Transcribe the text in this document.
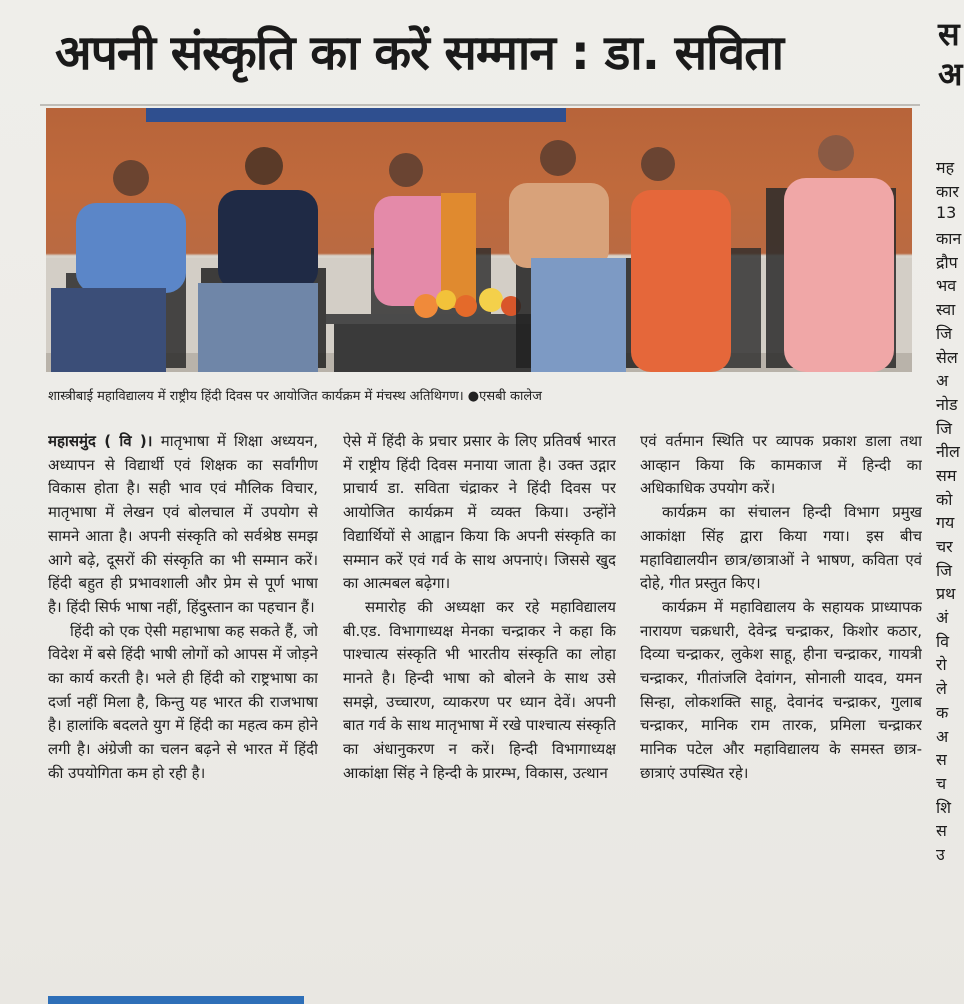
अपनी संस्कृति का करें सम्मान : डा. सविता
शास्त्रीबाई महाविद्यालय में राष्ट्रीय हिंदी दिवस पर आयोजित कार्यक्रम में मंचस्थ अतिथिगण। ●एसबी कालेज

महासमुंद ( वि )। मातृभाषा में शिक्षा अध्ययन, अध्यापन से विद्यार्थी एवं शिक्षक का सर्वांगीण विकास होता है। सही भाव एवं मौलिक विचार, मातृभाषा में लेखन एवं बोलचाल में उपयोग से सामने आता है। अपनी संस्कृति को सर्वश्रेष्ठ समझ आगे बढ़े, दूसरों की संस्कृति का भी सम्मान करें। हिंदी बहुत ही प्रभावशाली और प्रेम से पूर्ण भाषा है। हिंदी सिर्फ भाषा नहीं, हिंदुस्तान का पहचान हैं।

हिंदी को एक ऐसी महाभाषा कह सकते हैं, जो विदेश में बसे हिंदी भाषी लोगों को आपस में जोड़ने का कार्य करती है। भले ही हिंदी को राष्ट्रभाषा का दर्जा नहीं मिला है, किन्तु यह भारत की राजभाषा है। हालांकि बदलते युग में हिंदी का महत्व कम होने लगी है। अंग्रेजी का चलन बढ़ने से भारत में हिंदी की उपयोगिता कम हो रही है।

ऐसे में हिंदी के प्रचार प्रसार के लिए प्रतिवर्ष भारत में राष्ट्रीय हिंदी दिवस मनाया जाता है। उक्त उद्गार प्राचार्य डा. सविता चंद्राकर ने हिंदी दिवस पर आयोजित कार्यक्रम में व्यक्त किया। उन्होंने विद्यार्थियों से आह्वान किया कि अपनी संस्कृति का सम्मान करें एवं गर्व के साथ अपनाएं। जिससे खुद का आत्मबल बढ़ेगा।

समारोह की अध्यक्षा कर रहे महाविद्यालय बी.एड. विभागाध्यक्ष मेनका चन्द्राकर ने कहा कि पाश्चात्य संस्कृति भी भारतीय संस्कृति का लोहा मानते है। हिन्दी भाषा को बोलने के साथ उसे समझे, उच्चारण, व्याकरण पर ध्यान देवें। अपनी बात गर्व के साथ मातृभाषा में रखे पाश्चात्य संस्कृति का अंधानुकरण न करें। हिन्दी विभागाध्यक्ष आकांक्षा सिंह ने हिन्दी के प्रारम्भ, विकास, उत्थान

एवं वर्तमान स्थिति पर व्यापक प्रकाश डाला तथा आव्हान किया कि कामकाज में हिन्दी का अधिकाधिक उपयोग करें।

कार्यक्रम का संचालन हिन्दी विभाग प्रमुख आकांक्षा सिंह द्वारा किया गया। इस बीच महाविद्यालयीन छात्र/छात्राओं ने भाषण, कविता एवं दोहे, गीत प्रस्तुत किए।

कार्यक्रम में महाविद्यालय के सहायक प्राध्यापक नारायण चक्रधारी, देवेन्द्र चन्द्राकर, किशोर कठार, दिव्या चन्द्राकर, लुकेश साहू, हीना चन्द्राकर, गायत्री चन्द्राकर, गीतांजलि देवांगन, सोनाली यादव, यमन सिन्हा, लोकशक्ति साहू, देवानंद चन्द्राकर, गुलाब चन्द्राकर, मानिक राम तारक, प्रमिला चन्द्राकर मानिक पटेल और महाविद्यालय के समस्त छात्र-छात्राएं उपस्थित रहे।

स
अ
मह
कार
13
कान
द्रौप
भव
स्वा
जि
सेल
अ
नोड
जि
नील
सम
को
गय
चर
जि
प्रथ
अं
वि
रो
ले
क
अ
स
च
शि
स
उ
